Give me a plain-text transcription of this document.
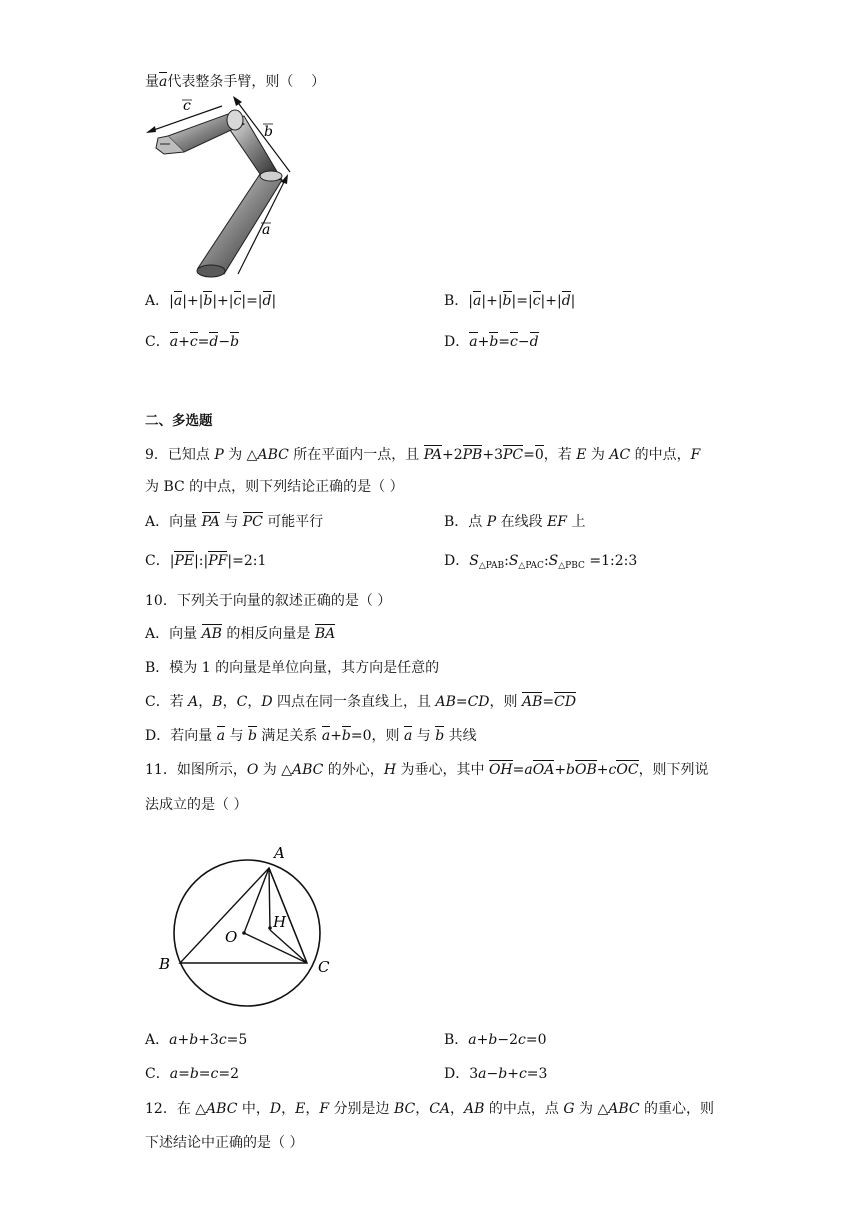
量a代表整条手臂，则（    ）
c
b
a
A．|a|+|b|+|c|=|d|	B．|a|+|b|=|c|+|d|
C．a+c=d−b	D．a+b=c−d
二、多选题
9．已知点 P 为 △ABC 所在平面内一点，且 PA+2PB+3PC=0，若 E 为 AC 的中点，F
为 BC 的中点，则下列结论正确的是（ ）
A．向量 PA 与 PC 可能平行	B．点 P 在线段 EF 上
C．|PE|:|PF|=2:1	D．$S_{\triangle PAB}:S_{\triangle PAC}:S_{\triangle PBC}$ =1:2:3
10．下列关于向量的叙述正确的是（ ）
A．向量 AB 的相反向量是 BA
B．模为 1 的向量是单位向量，其方向是任意的
C．若 A，B，C，D 四点在同一条直线上，且 AB=CD，则 AB=CD
D．若向量 a 与 b 满足关系 a+b=0，则 a 与 b 共线
11．如图所示，O 为 △ABC 的外心，H 为垂心，其中 OH=aOA+bOB+cOC，则下列说
法成立的是（ ）
A
B	C
O
H
A．a+b+3c=5	B．a+b−2c=0
C．a=b=c=2	D．3a−b+c=3
12．在 △ABC 中，D，E，F 分别是边 BC，CA，AB 的中点，点 G 为 △ABC 的重心，则
下述结论中正确的是（ ）
